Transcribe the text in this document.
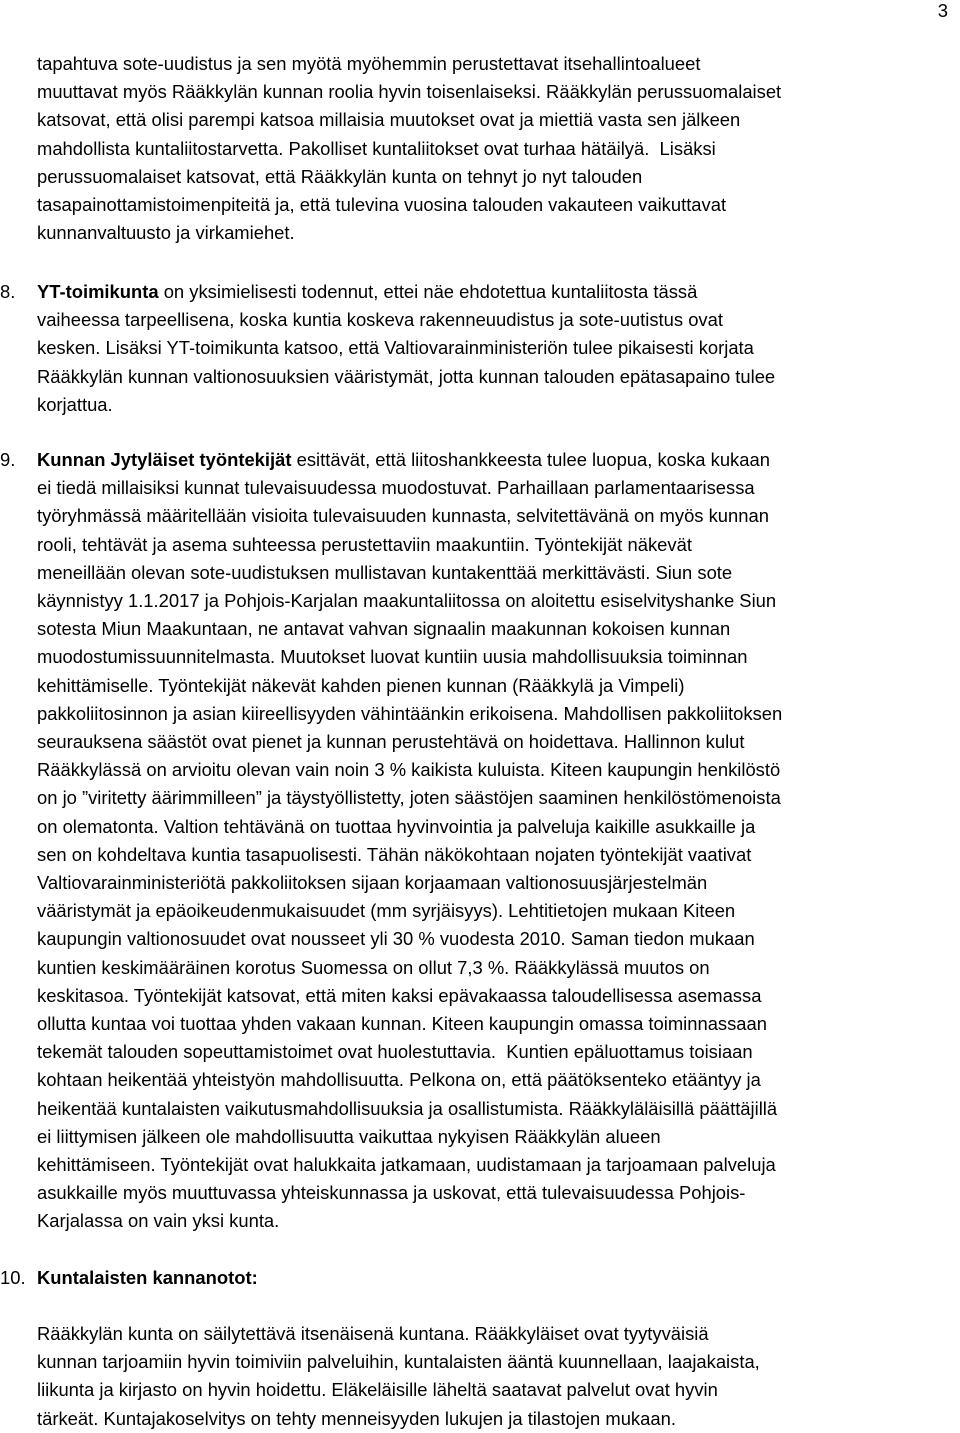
3
tapahtuva sote-uudistus ja sen myötä myöhemmin perustettavat itsehallintoalueet
muuttavat myös Rääkkylän kunnan roolia hyvin toisenlaiseksi. Rääkkylän perussuomalaiset
katsovat, että olisi parempi katsoa millaisia muutokset ovat ja miettiä vasta sen jälkeen
mahdollista kuntaliitostarvetta. Pakolliset kuntaliitokset ovat turhaa hätäilyä.  Lisäksi
perussuomalaiset katsovat, että Rääkkylän kunta on tehnyt jo nyt talouden
tasapainottamistoimenpiteitä ja, että tulevina vuosina talouden vakauteen vaikuttavat
kunnanvaltuusto ja virkamiehet.
8. YT-toimikunta on yksimielisesti todennut, ettei näe ehdotettua kuntaliitosta tässä
vaiheessa tarpeellisena, koska kuntia koskeva rakenneuudistus ja sote-uutistus ovat
kesken. Lisäksi YT-toimikunta katsoo, että Valtiovarainministeriön tulee pikaisesti korjata
Rääkkylän kunnan valtionosuuksien vääristymät, jotta kunnan talouden epätasapaino tulee
korjattua.
9. Kunnan Jytyläiset työntekijät esittävät, että liitoshankkeesta tulee luopua, koska kukaan
ei tiedä millaisiksi kunnat tulevaisuudessa muodostuvat. Parhaillaan parlamentaarisessa
työryhmässä määritellään visioita tulevaisuuden kunnasta, selvitettävänä on myös kunnan
rooli, tehtävät ja asema suhteessa perustettaviin maakuntiin. Työntekijät näkevät
meneillään olevan sote-uudistuksen mullistavan kuntakenttää merkittävästi. Siun sote
käynnistyy 1.1.2017 ja Pohjois-Karjalan maakuntaliitossa on aloitettu esiselvityshanke Siun
sotesta Miun Maakuntaan, ne antavat vahvan signaalin maakunnan kokoisen kunnan
muodostumissuunnitelmasta. Muutokset luovat kuntiin uusia mahdollisuuksia toiminnan
kehittämiselle. Työntekijät näkevät kahden pienen kunnan (Rääkkylä ja Vimpeli)
pakkoliitosinnon ja asian kiireellisyyden vähintäänkin erikoisena. Mahdollisen pakkoliitoksen
seurauksena säästöt ovat pienet ja kunnan perustehtävä on hoidettava. Hallinnon kulut
Rääkkylässä on arvioitu olevan vain noin 3 % kaikista kuluista. Kiteen kaupungin henkilöstö
on jo ”viritetty äärimmilleen” ja täystyöllistetty, joten säästöjen saaminen henkilöstömenoista
on olematonta. Valtion tehtävänä on tuottaa hyvinvointia ja palveluja kaikille asukkaille ja
sen on kohdeltava kuntia tasapuolisesti. Tähän näkökohtaan nojaten työntekijät vaativat
Valtiovarainministeriötä pakkoliitoksen sijaan korjaamaan valtionosuusjärjestelmän
vääristymät ja epäoikeudenmukaisuudet (mm syrjäisyys). Lehtitietojen mukaan Kiteen
kaupungin valtionosuudet ovat nousseet yli 30 % vuodesta 2010. Saman tiedon mukaan
kuntien keskimääräinen korotus Suomessa on ollut 7,3 %. Rääkkylässä muutos on
keskitasoa. Työntekijät katsovat, että miten kaksi epävakaassa taloudellisessa asemassa
ollutta kuntaa voi tuottaa yhden vakaan kunnan. Kiteen kaupungin omassa toiminnassaan
tekemät talouden sopeuttamistoimet ovat huolestuttavia.  Kuntien epäluottamus toisiaan
kohtaan heikentää yhteistyön mahdollisuutta. Pelkona on, että päätöksenteko etääntyy ja
heikentää kuntalaisten vaikutusmahdollisuuksia ja osallistumista. Rääkkyläläisillä päättäjillä
ei liittymisen jälkeen ole mahdollisuutta vaikuttaa nykyisen Rääkkylän alueen
kehittämiseen. Työntekijät ovat halukkaita jatkamaan, uudistamaan ja tarjoamaan palveluja
asukkaille myös muuttuvassa yhteiskunnassa ja uskovat, että tulevaisuudessa Pohjois-
Karjalassa on vain yksi kunta.
10. Kuntalaisten kannanotot:
Rääkkylän kunta on säilytettävä itsenäisenä kuntana. Rääkkyläiset ovat tyytyväisiä
kunnan tarjoamiin hyvin toimiviin palveluihin, kuntalaisten ääntä kuunnellaan, laajakaista,
liikunta ja kirjasto on hyvin hoidettu. Eläkeläisille läheltä saatavat palvelut ovat hyvin
tärkeät. Kuntajakoselvitys on tehty menneisyyden lukujen ja tilastojen mukaan.
